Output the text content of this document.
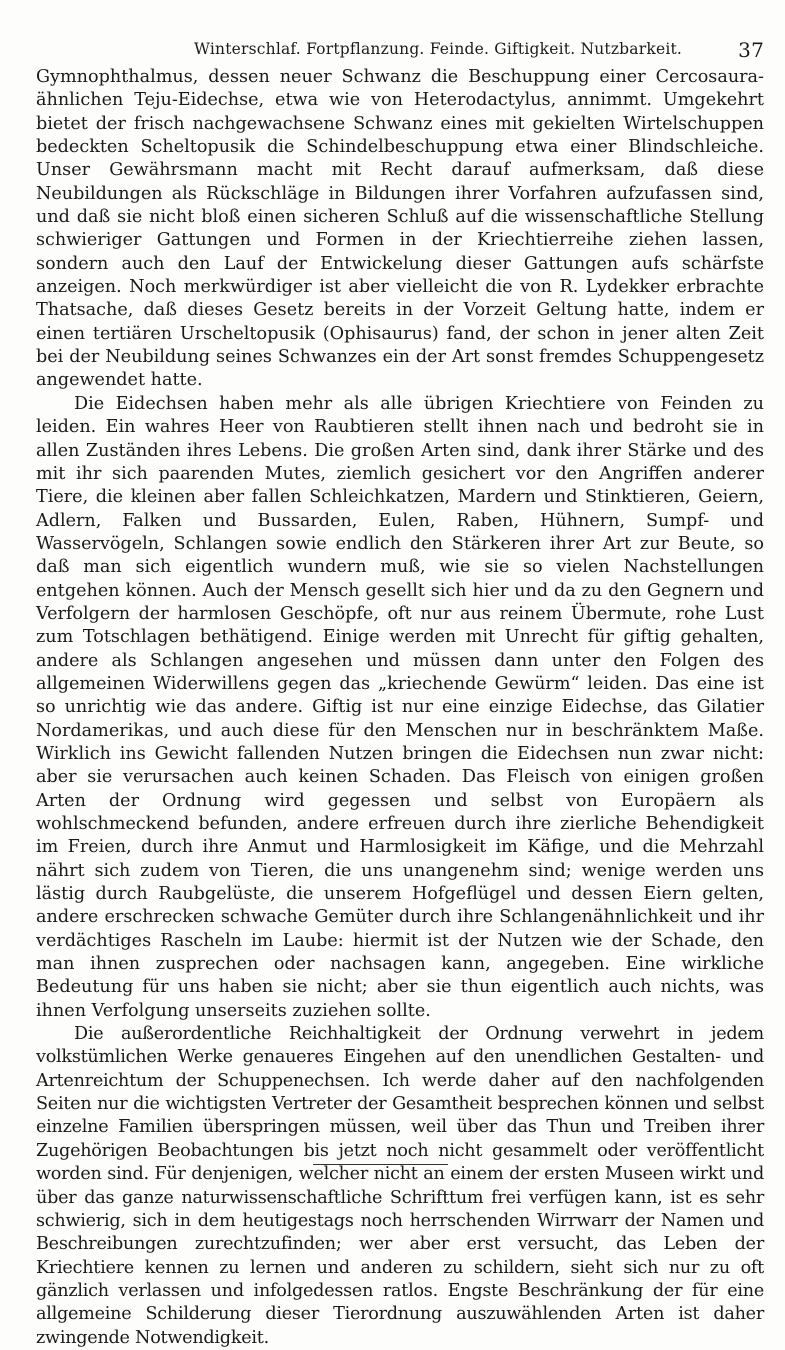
Winterschlaf. Fortpflanzung. Feinde. Giftigkeit. Nutzbarkeit.	37

Gymnophthalmus, dessen neuer Schwanz die Beschuppung einer Cercosaura-ähnlichen Teju-Eidechse, etwa wie von Heterodactylus, annimmt. Umgekehrt bietet der frisch nachgewachsene Schwanz eines mit gekielten Wirtelschuppen bedeckten Scheltopusik die Schindelbeschuppung etwa einer Blindschleiche. Unser Gewährsmann macht mit Recht darauf aufmerksam, daß diese Neubildungen als Rückschläge in Bildungen ihrer Vorfahren aufzufassen sind, und daß sie nicht bloß einen sicheren Schluß auf die wissenschaftliche Stellung schwieriger Gattungen und Formen in der Kriechtierreihe ziehen lassen, sondern auch den Lauf der Entwickelung dieser Gattungen aufs schärfste anzeigen. Noch merkwürdiger ist aber vielleicht die von R. Lydekker erbrachte Thatsache, daß dieses Gesetz bereits in der Vorzeit Geltung hatte, indem er einen tertiären Urscheltopusik (Ophisaurus) fand, der schon in jener alten Zeit bei der Neubildung seines Schwanzes ein der Art sonst fremdes Schuppengesetz angewendet hatte.

Die Eidechsen haben mehr als alle übrigen Kriechtiere von Feinden zu leiden. Ein wahres Heer von Raubtieren stellt ihnen nach und bedroht sie in allen Zuständen ihres Lebens. Die großen Arten sind, dank ihrer Stärke und des mit ihr sich paarenden Mutes, ziemlich gesichert vor den Angriffen anderer Tiere, die kleinen aber fallen Schleichkatzen, Mardern und Stinktieren, Geiern, Adlern, Falken und Bussarden, Eulen, Raben, Hühnern, Sumpf- und Wasservögeln, Schlangen sowie endlich den Stärkeren ihrer Art zur Beute, so daß man sich eigentlich wundern muß, wie sie so vielen Nachstellungen entgehen können. Auch der Mensch gesellt sich hier und da zu den Gegnern und Verfolgern der harmlosen Geschöpfe, oft nur aus reinem Übermute, rohe Lust zum Totschlagen bethätigend. Einige werden mit Unrecht für giftig gehalten, andere als Schlangen angesehen und müssen dann unter den Folgen des allgemeinen Widerwillens gegen das „kriechende Gewürm“ leiden. Das eine ist so unrichtig wie das andere. Giftig ist nur eine einzige Eidechse, das Gilatier Nordamerikas, und auch diese für den Menschen nur in beschränktem Maße. Wirklich ins Gewicht fallenden Nutzen bringen die Eidechsen nun zwar nicht: aber sie verursachen auch keinen Schaden. Das Fleisch von einigen großen Arten der Ordnung wird gegessen und selbst von Europäern als wohlschmeckend befunden, andere erfreuen durch ihre zierliche Behendigkeit im Freien, durch ihre Anmut und Harmlosigkeit im Käfige, und die Mehrzahl nährt sich zudem von Tieren, die uns unangenehm sind; wenige werden uns lästig durch Raubgelüste, die unserem Hofgeflügel und dessen Eiern gelten, andere erschrecken schwache Gemüter durch ihre Schlangenähnlichkeit und ihr verdächtiges Rascheln im Laube: hiermit ist der Nutzen wie der Schade, den man ihnen zusprechen oder nachsagen kann, angegeben. Eine wirkliche Bedeutung für uns haben sie nicht; aber sie thun eigentlich auch nichts, was ihnen Verfolgung unserseits zuziehen sollte.

Die außerordentliche Reichhaltigkeit der Ordnung verwehrt in jedem volkstümlichen Werke genaueres Eingehen auf den unendlichen Gestalten- und Artenreichtum der Schuppenechsen. Ich werde daher auf den nachfolgenden Seiten nur die wichtigsten Vertreter der Gesamtheit besprechen können und selbst einzelne Familien überspringen müssen, weil über das Thun und Treiben ihrer Zugehörigen Beobachtungen bis jetzt noch nicht gesammelt oder veröffentlicht worden sind. Für denjenigen, welcher nicht an einem der ersten Museen wirkt und über das ganze naturwissenschaftliche Schrifttum frei verfügen kann, ist es sehr schwierig, sich in dem heutigestags noch herrschenden Wirrwarr der Namen und Beschreibungen zurechtzufinden; wer aber erst versucht, das Leben der Kriechtiere kennen zu lernen und anderen zu schildern, sieht sich nur zu oft gänzlich verlassen und infolgedessen ratlos. Engste Beschränkung der für eine allgemeine Schilderung dieser Tierordnung auszuwählenden Arten ist daher zwingende Notwendigkeit.
